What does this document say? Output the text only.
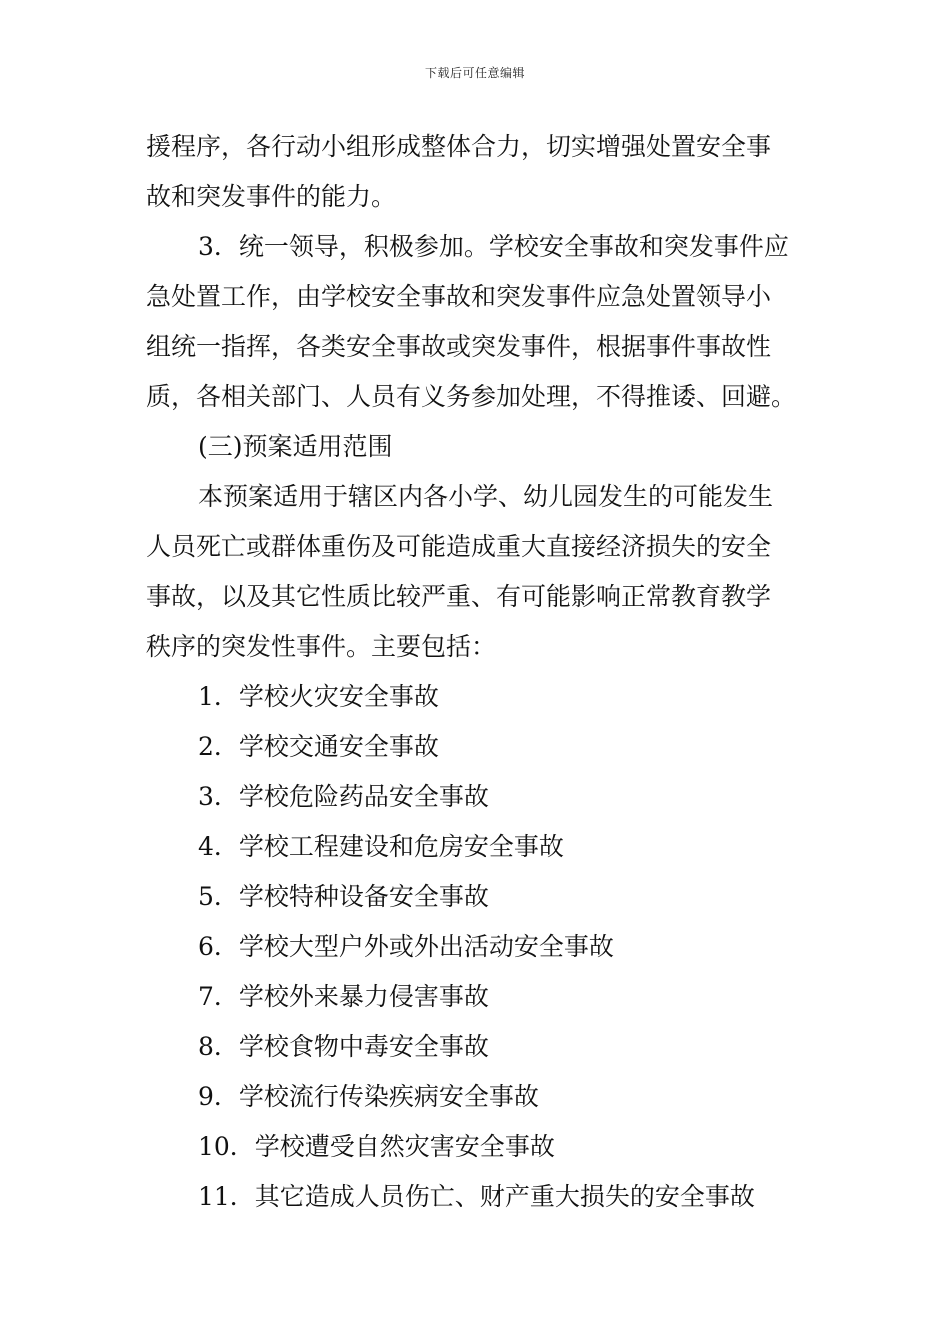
下载后可任意编辑
援程序，各行动小组形成整体合力，切实增强处置安全事
故和突发事件的能力。
3．统一领导，积极参加。学校安全事故和突发事件应
急处置工作，由学校安全事故和突发事件应急处置领导小
组统一指挥，各类安全事故或突发事件，根据事件事故性
质，各相关部门、人员有义务参加处理，不得推诿、回避。
(三)预案适用范围
本预案适用于辖区内各小学、幼儿园发生的可能发生
人员死亡或群体重伤及可能造成重大直接经济损失的安全
事故，以及其它性质比较严重、有可能影响正常教育教学
秩序的突发性事件。主要包括：
1．学校火灾安全事故
2．学校交通安全事故
3．学校危险药品安全事故
4．学校工程建设和危房安全事故
5．学校特种设备安全事故
6．学校大型户外或外出活动安全事故
7．学校外来暴力侵害事故
8．学校食物中毒安全事故
9．学校流行传染疾病安全事故
10．学校遭受自然灾害安全事故
11．其它造成人员伤亡、财产重大损失的安全事故
